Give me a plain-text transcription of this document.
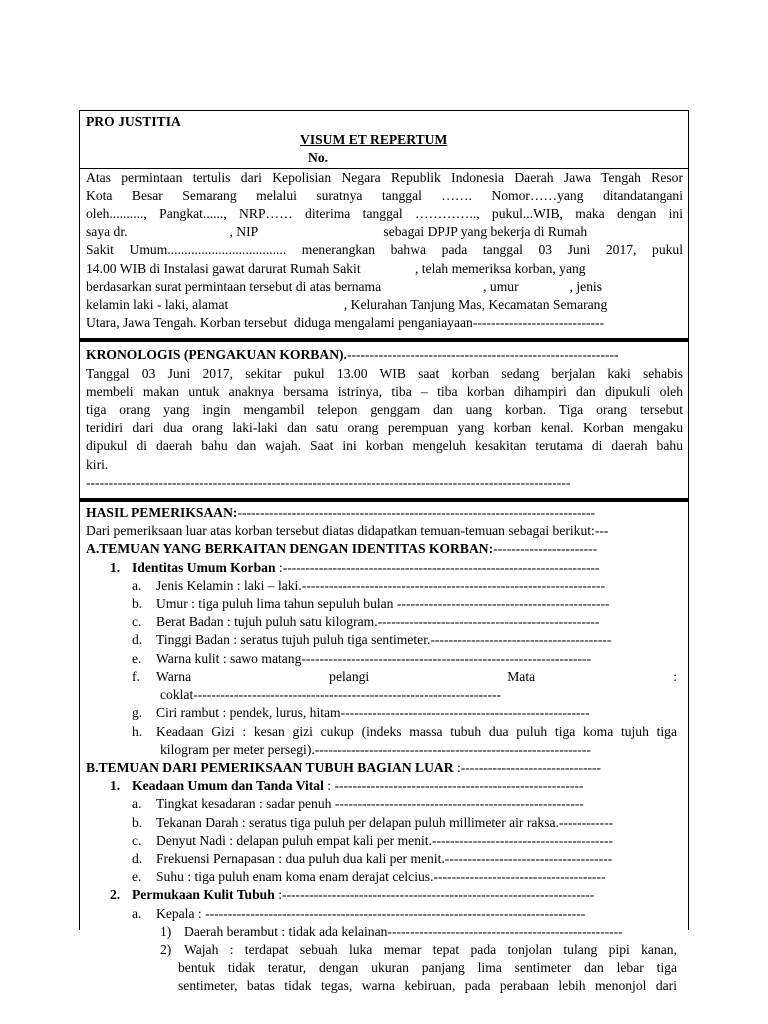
PRO JUSTITIA
VISUM ET REPERTUM
No.
Atas permintaan tertulis dari Kepolisian Negara Republik Indonesia Daerah Jawa Tengah Resor
Kota Besar Semarang melalui suratnya tanggal ……. Nomor……yang ditandatangani
oleh.........., Pangkat......, NRP…… diterima tanggal ………….., pukul...WIB, maka dengan ini
saya dr.                              , NIP                                     sebagai DPJP yang bekerja di Rumah
Sakit Umum................................... menerangkan bahwa pada tanggal 03 Juni 2017, pukul
14.00 WIB di Instalasi gawat darurat Rumah Sakit                , telah memeriksa korban, yang
berdasarkan surat permintaan tersebut di atas bernama                              , umur               , jenis
kelamin laki - laki, alamat                                  , Kelurahan Tanjung Mas, Kecamatan Semarang
Utara, Jawa Tengah. Korban tersebut  diduga mengalami penganiayaan-----------------------------
KRONOLOGIS (PENGAKUAN KORBAN).------------------------------------------------------------
Tanggal 03 Juni 2017, sekitar pukul 13.00 WIB saat korban sedang berjalan kaki sehabis
membeli makan untuk anaknya bersama istrinya, tiba – tiba korban dihampiri dan dipukuli oleh
tiga orang yang ingin mengambil telepon genggam dan uang korban. Tiga orang tersebut
teridiri dari dua orang laki-laki dan satu orang perempuan yang korban kenal. Korban mengaku
dipukul di daerah bahu dan wajah. Saat ini korban mengeluh kesakitan terutama di daerah bahu
kiri.
-----------------------------------------------------------------------------------------------------------
HASIL PEMERIKSAAN:-------------------------------------------------------------------------------
Dari pemeriksaan luar atas korban tersebut diatas didapatkan temuan-temuan sebagai berikut:---
A.TEMUAN YANG BERKAITAN DENGAN IDENTITAS KORBAN:-----------------------
1. Identitas Umum Korban :----------------------------------------------------------------------
a. Jenis Kelamin : laki – laki.-------------------------------------------------------------------
b. Umur : tiga puluh lima tahun sepuluh bulan -----------------------------------------------
c. Berat Badan : tujuh puluh satu kilogram.-------------------------------------------------
d. Tinggi Badan : seratus tujuh puluh tiga sentimeter.----------------------------------------
e. Warna kulit : sawo matang----------------------------------------------------------------
f.	Warna	pelangi	Mata	:
coklat--------------------------------------------------------------------
g. Ciri rambut : pendek, lurus, hitam-------------------------------------------------------
h.	Keadaan Gizi : kesan gizi cukup (indeks massa tubuh dua puluh tiga koma tujuh tiga
kilogram per meter persegi).-------------------------------------------------------------
B.TEMUAN DARI PEMERIKSAAN TUBUH BAGIAN LUAR :-------------------------------
1. Keadaan Umum dan Tanda Vital : -------------------------------------------------------
a. Tingkat kesadaran : sadar penuh -------------------------------------------------------
b. Tekanan Darah : seratus tiga puluh per delapan puluh millimeter air raksa.------------
c. Denyut Nadi : delapan puluh empat kali per menit.----------------------------------------
d. Frekuensi Pernapasan : dua puluh dua kali per menit.-------------------------------------
e. Suhu : tiga puluh enam koma enam derajat celcius.--------------------------------------
2. Permukaan Kulit Tubuh :---------------------------------------------------------------------
a. Kepala : ------------------------------------------------------------------------------------
1) Daerah berambut : tidak ada kelainan----------------------------------------------------
2) Wajah : terdapat sebuah luka memar tepat pada tonjolan tulang pipi kanan,
bentuk tidak teratur, dengan ukuran panjang lima sentimeter dan lebar tiga
sentimeter, batas tidak tegas, warna kebiruan, pada perabaan lebih menonjol dari
